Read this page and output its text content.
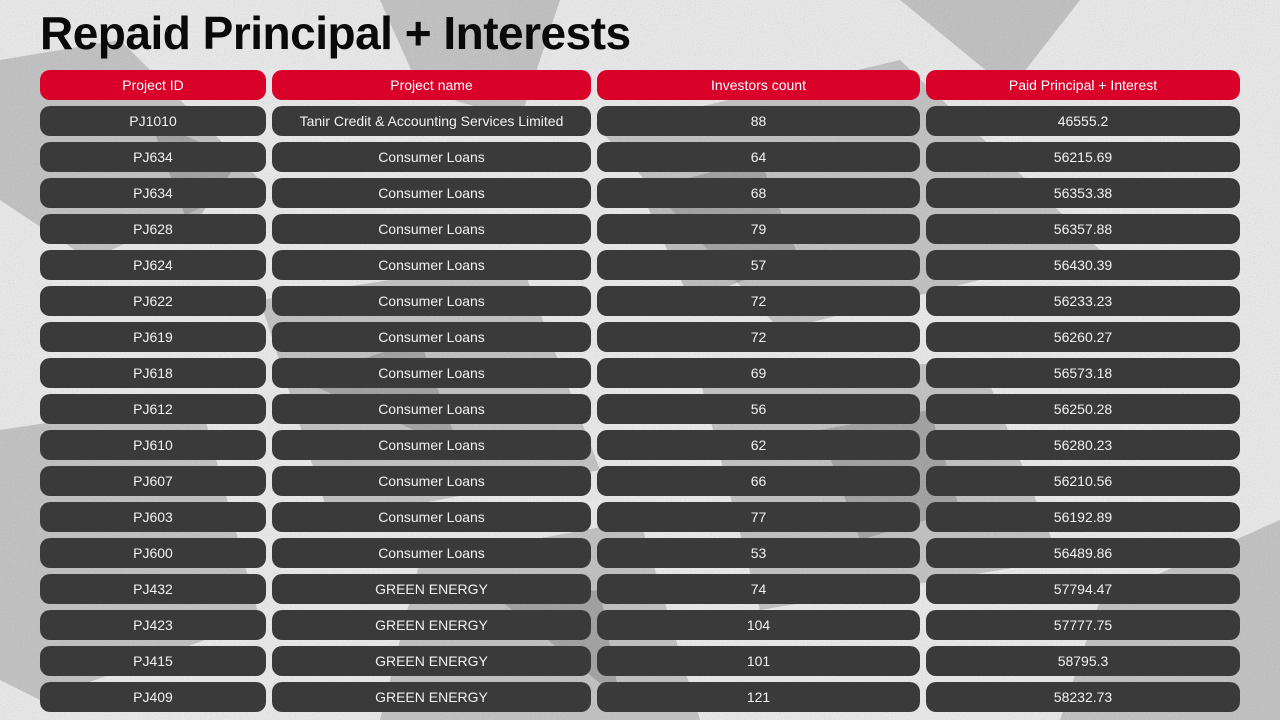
Repaid Principal + Interests
Project ID	Project name	Investors count	Paid Principal + Interest
PJ1010	Tanir Credit & Accounting Services Limited	88	46555.2
PJ634	Consumer Loans	64	56215.69
PJ634	Consumer Loans	68	56353.38
PJ628	Consumer Loans	79	56357.88
PJ624	Consumer Loans	57	56430.39
PJ622	Consumer Loans	72	56233.23
PJ619	Consumer Loans	72	56260.27
PJ618	Consumer Loans	69	56573.18
PJ612	Consumer Loans	56	56250.28
PJ610	Consumer Loans	62	56280.23
PJ607	Consumer Loans	66	56210.56
PJ603	Consumer Loans	77	56192.89
PJ600	Consumer Loans	53	56489.86
PJ432	GREEN ENERGY	74	57794.47
PJ423	GREEN ENERGY	104	57777.75
PJ415	GREEN ENERGY	101	58795.3
PJ409	GREEN ENERGY	121	58232.73
